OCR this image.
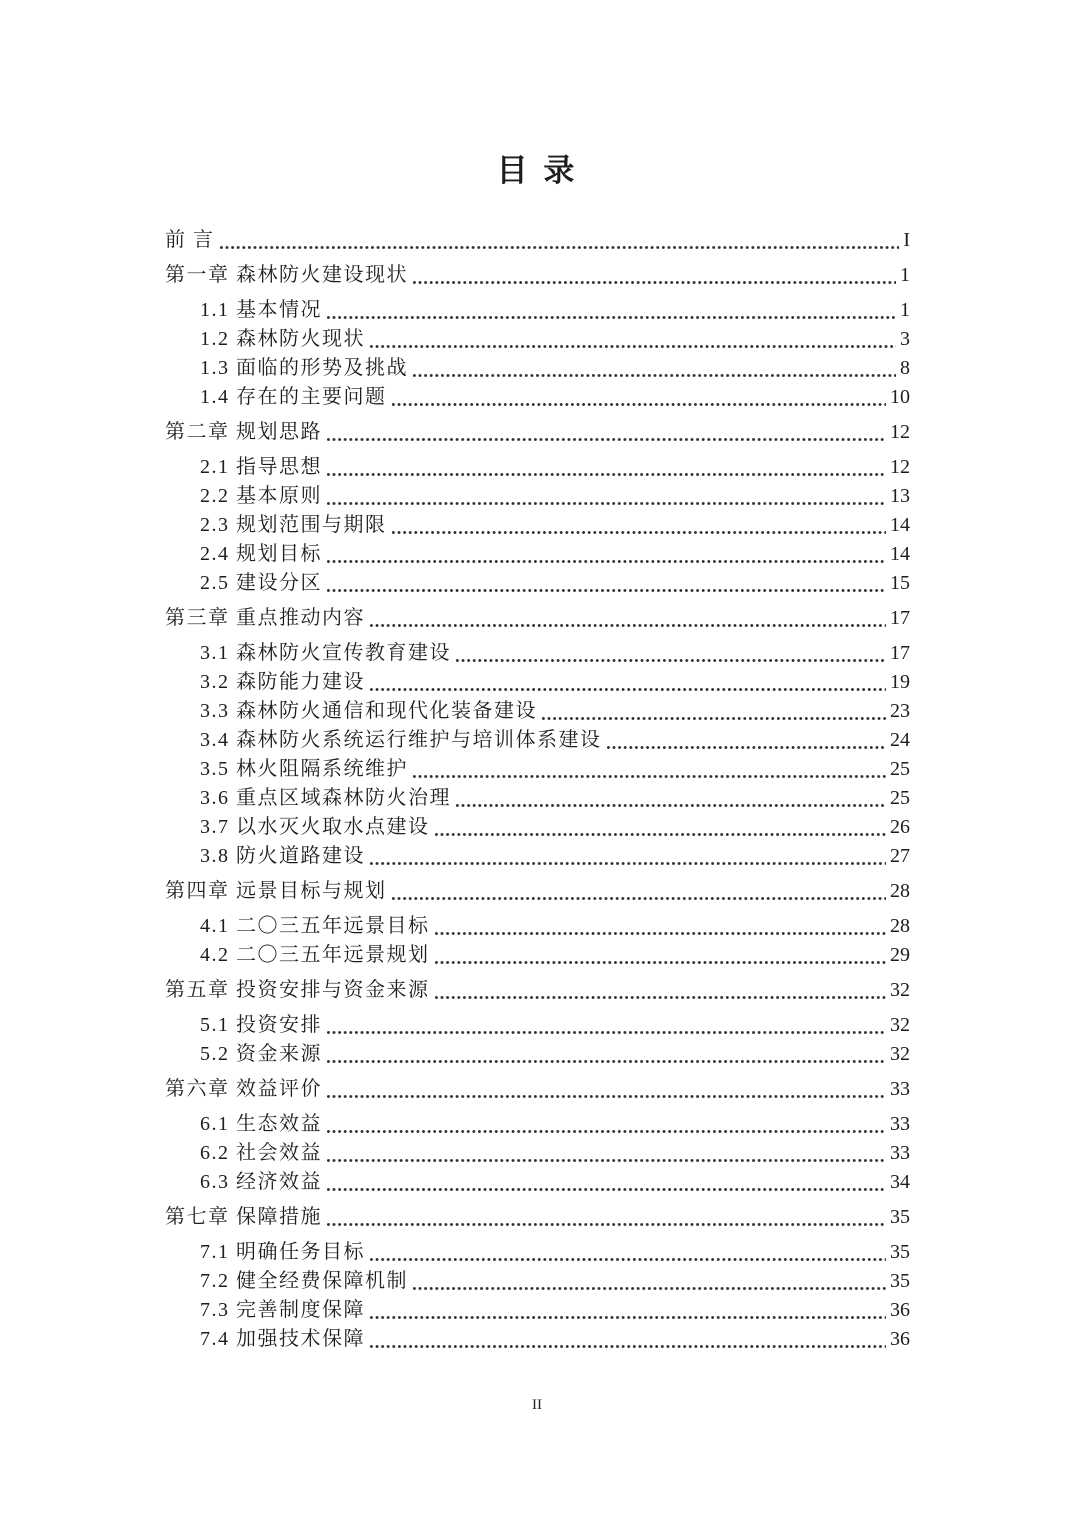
目 录
前 言	I
第一章 森林防火建设现状	1
1.1 基本情况	1
1.2 森林防火现状	3
1.3 面临的形势及挑战	8
1.4 存在的主要问题	10
第二章 规划思路	12
2.1 指导思想	12
2.2 基本原则	13
2.3 规划范围与期限	14
2.4 规划目标	14
2.5 建设分区	15
第三章 重点推动内容	17
3.1 森林防火宣传教育建设	17
3.2 森防能力建设	19
3.3 森林防火通信和现代化装备建设	23
3.4 森林防火系统运行维护与培训体系建设	24
3.5 林火阻隔系统维护	25
3.6 重点区域森林防火治理	25
3.7 以水灭火取水点建设	26
3.8 防火道路建设	27
第四章 远景目标与规划	28
4.1 二〇三五年远景目标	28
4.2 二〇三五年远景规划	29
第五章 投资安排与资金来源	32
5.1 投资安排	32
5.2 资金来源	32
第六章 效益评价	33
6.1 生态效益	33
6.2 社会效益	33
6.3 经济效益	34
第七章 保障措施	35
7.1 明确任务目标	35
7.2 健全经费保障机制	35
7.3 完善制度保障	36
7.4 加强技术保障	36
II
